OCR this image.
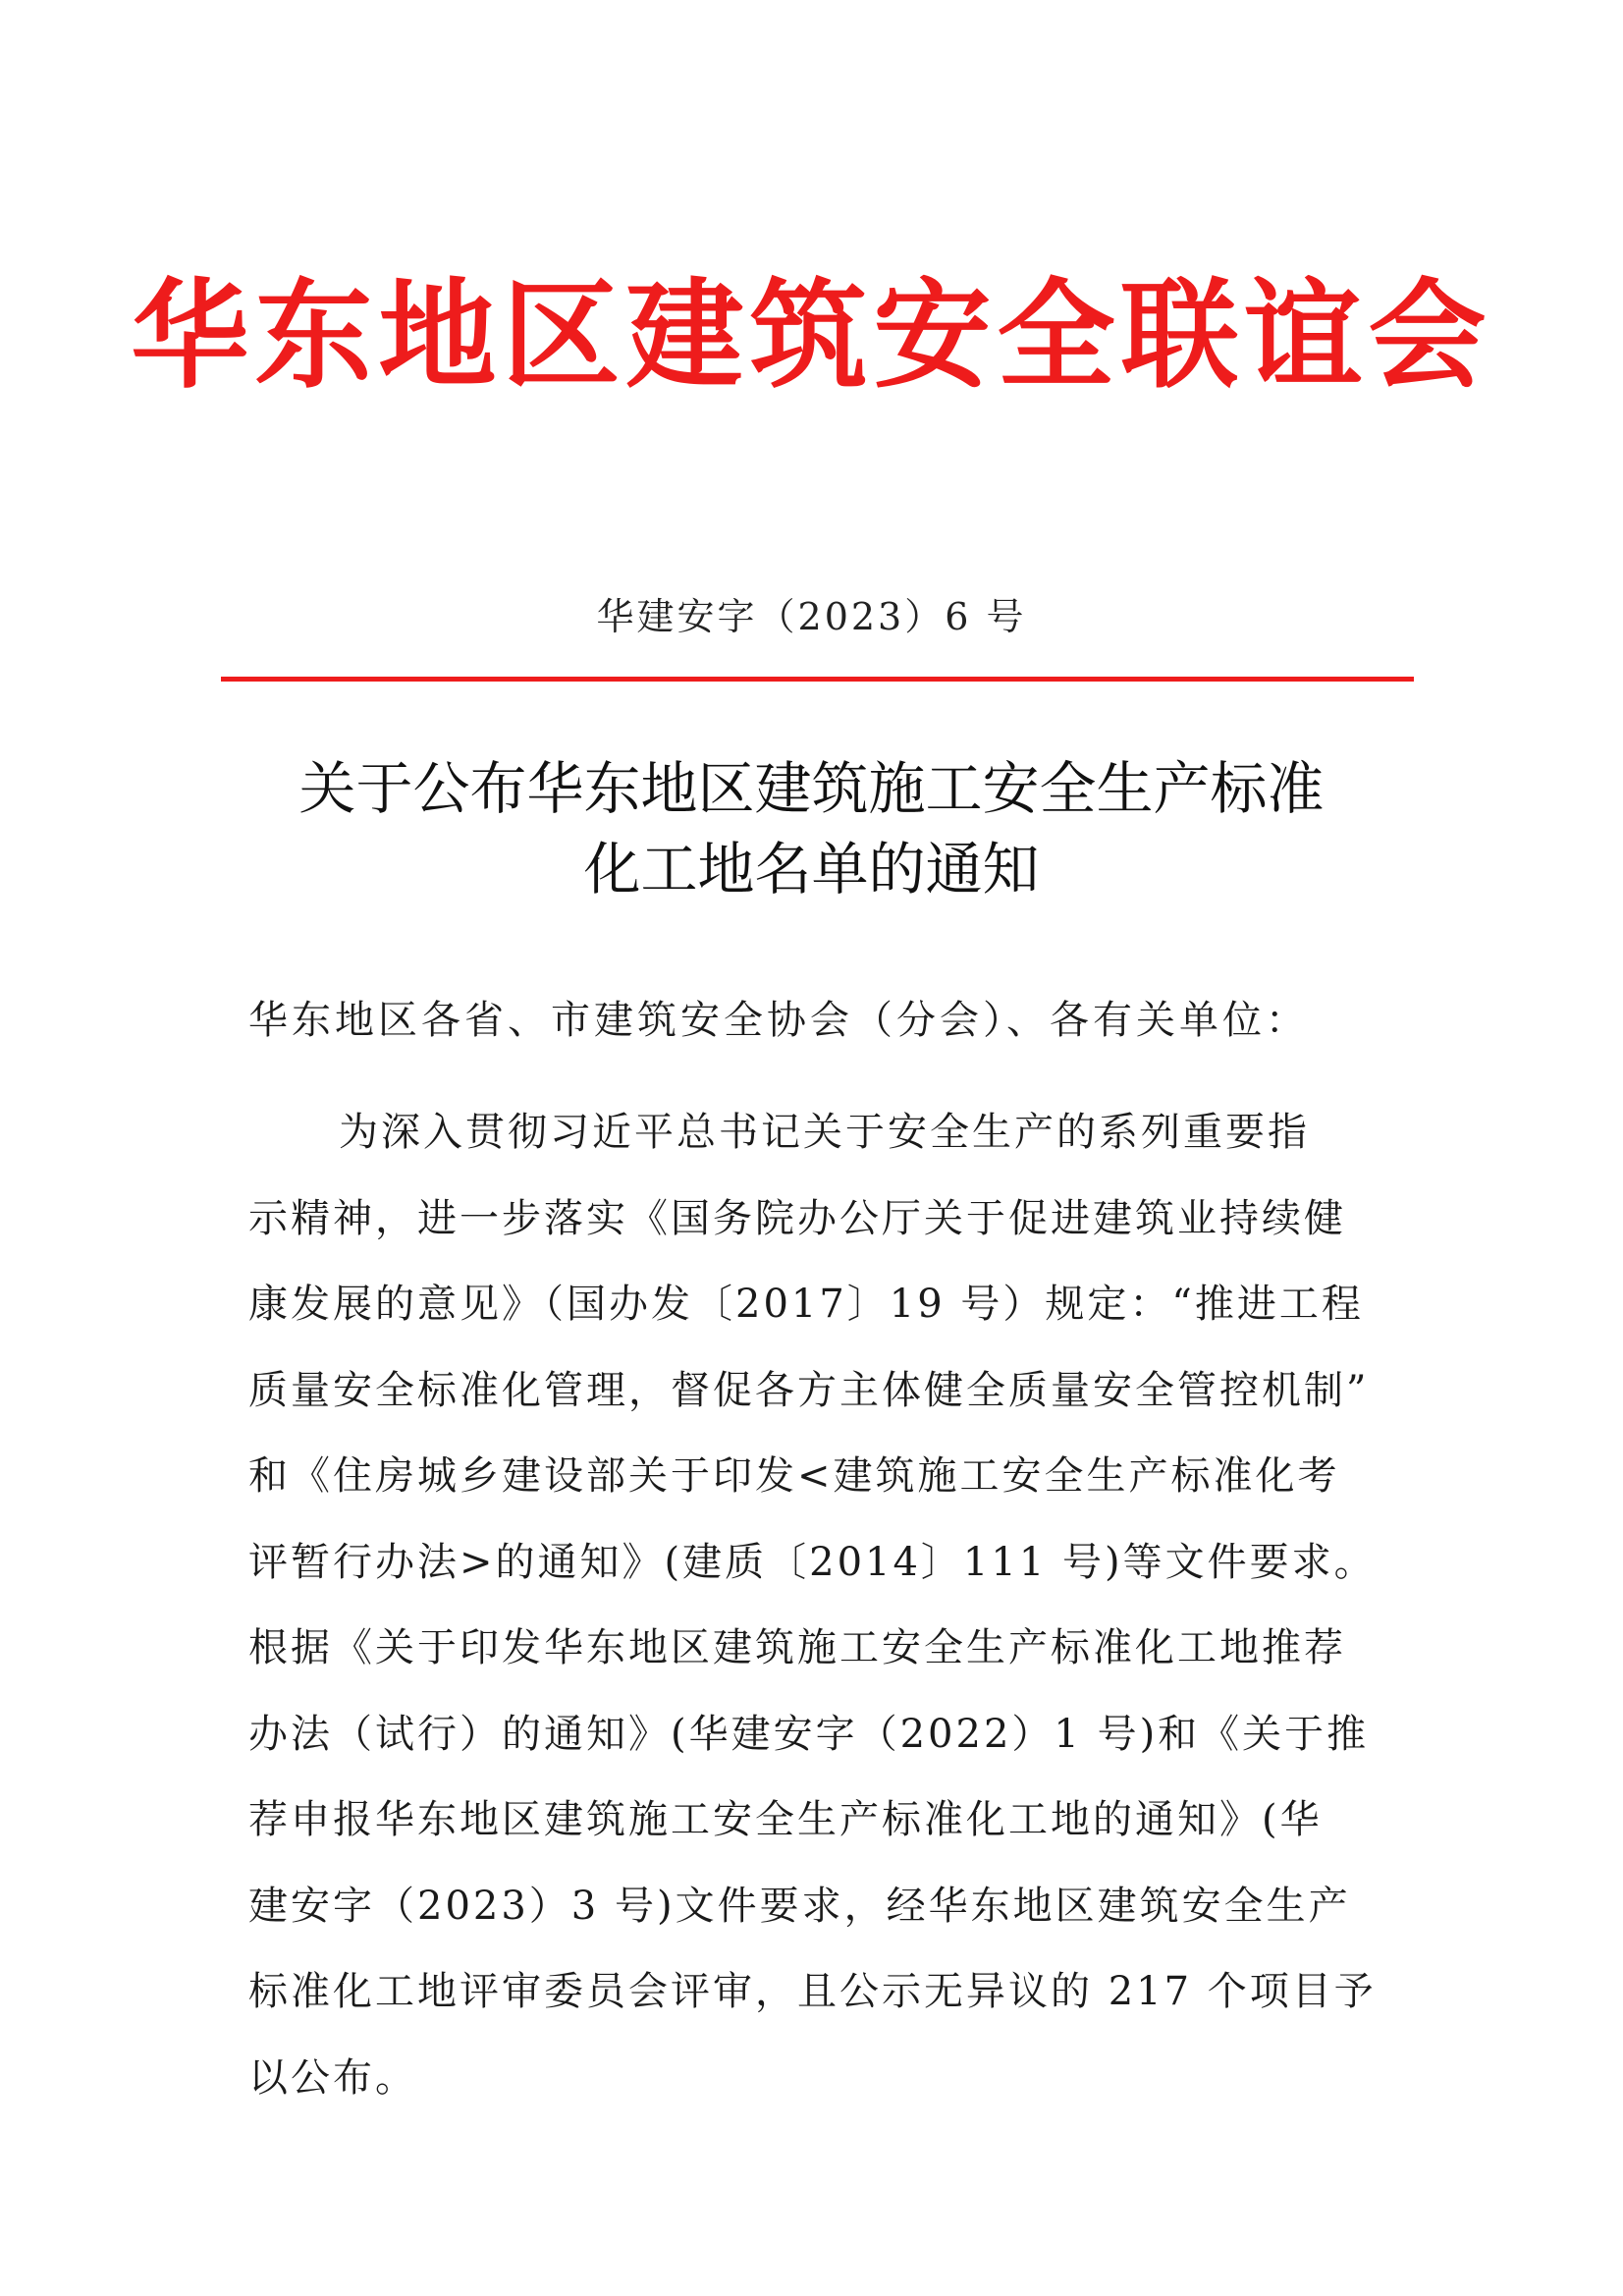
华东地区建筑安全联谊会
华建安字（2023）6 号
关于公布华东地区建筑施工安全生产标准
化工地名单的通知
华东地区各省、市建筑安全协会（分会）、各有关单位：
为深入贯彻习近平总书记关于安全生产的系列重要指
示精神，进一步落实《国务院办公厅关于促进建筑业持续健
康发展的意见》（国办发〔2017〕19 号）规定：“推进工程
质量安全标准化管理，督促各方主体健全质量安全管控机制”
和《住房城乡建设部关于印发<建筑施工安全生产标准化考
评暂行办法>的通知》(建质〔2014〕111 号)等文件要求。
根据《关于印发华东地区建筑施工安全生产标准化工地推荐
办法（试行）的通知》(华建安字（2022）1 号)和《关于推
荐申报华东地区建筑施工安全生产标准化工地的通知》(华
建安字（2023）3 号)文件要求，经华东地区建筑安全生产
标准化工地评审委员会评审，且公示无异议的 217 个项目予
以公布。
